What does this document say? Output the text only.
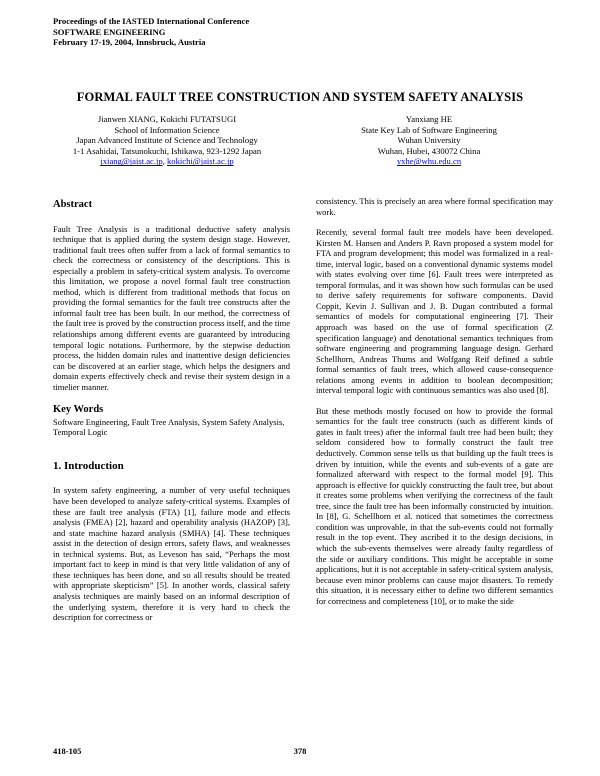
Proceedings of the IASTED International Conference
SOFTWARE ENGINEERING
February 17-19, 2004, Innsbruck, Austria
FORMAL FAULT TREE CONSTRUCTION AND SYSTEM SAFETY ANALYSIS
Jianwen XIANG, Kokichi FUTATSUGI
School of Information Science
Japan Advanced Institute of Science and Technology
1-1 Asahidai, Tatsunokuchi, Ishikawa, 923-1292 Japan
jxiang@jaist.ac.jp, kokichi@jaist.ac.jp
Yanxiang HE
State Key Lab of Software Engineering
Wuhan University
Wuhan, Hubei, 430072 China
yxhe@whu.edu.cn

Abstract

Fault Tree Analysis is a traditional deductive safety analysis technique that is applied during the system design stage. However, traditional fault trees often suffer from a lack of formal semantics to check the correctness or consistency of the descriptions. This is especially a problem in safety-critical system analysis. To overcome this limitation, we propose a novel formal fault tree construction method, which is different from traditional methods that focus on providing the formal semantics for the fault tree constructs after the informal fault tree has been built. In our method, the correctness of the fault tree is proved by the construction process itself, and the time relationships among different events are guaranteed by introducing temporal logic notations. Furthermore, by the stepwise deduction process, the hidden domain rules and inattentive design deficiencies can be discovered at an earlier stage, which helps the designers and domain experts effectively check and revise their system design in a timelier manner.

Key Words

Software Engineering, Fault Tree Analysis, System Safety Analysis, Temporal Logic

1. Introduction

In system safety engineering, a number of very useful techniques have been developed to analyze safety-critical systems. Examples of these are fault tree analysis (FTA) [1], failure mode and effects analysis (FMEA) [2], hazard and operability analysis (HAZOP) [3], and state machine hazard analysis (SMHA) [4]. These techniques assist in the detection of design errors, safety flaws, and weaknesses in technical systems. But, as Leveson has said, “Perhaps the most important fact to keep in mind is that very little validation of any of these techniques has been done, and so all results should be treated with appropriate skepticism” [5]. In another words, classical safety analysis techniques are mainly based on an informal description of the underlying system, therefore it is very hard to check the description for correctness or

consistency. This is precisely an area where formal specification may work.

Recently, several formal fault tree models have been developed. Kirsten M. Hansen and Anders P. Ravn proposed a system model for FTA and program development; this model was formalized in a real-time, interval logic, based on a conventional dynamic systems model with states evolving over time [6]. Fault trees were interpreted as temporal formulas, and it was shown how such formulas can be used to derive safety requirements for software components. David Coppit, Kevin J. Sullivan and J. B. Dugan contributed a formal semantics of models for computational engineering [7]. Their approach was based on the use of formal specification (Z specification language) and denotational semantics techniques from software engineering and programming language design. Gerhard Schellhorn, Andreas Thums and Wolfgang Reif defined a subtle formal semantics of fault trees, which allowed cause-consequence relations among events in addition to boolean decomposition; interval temporal logic with continuous semantics was also used [8].

But these methods mostly focused on how to provide the formal semantics for the fault tree constructs (such as different kinds of gates in fault trees) after the informal fault tree had been built; they seldom considered how to formally construct the fault tree deductively. Common sense tells us that building up the fault trees is driven by intuition, while the events and sub-events of a gate are formalized afterward with respect to the formal model [9]. This approach is effective for quickly constructing the fault tree, but about it creates some problems when verifying the correctness of the fault tree, since the fault tree has been informally constructed by intuition. In [8], G. Schellhorn et al. noticed that sometimes the correctness condition was unprovable, in that the sub-events could not formally result in the top event. They ascribed it to the design decisions, in which the sub-events themselves were already faulty regardless of the side or auxiliary conditions. This might be acceptable in some applications, but it is not acceptable in safety-critical system analysis, because even minor problems can cause major disasters. To remedy this situation, it is necessary either to define two different semantics for correctness and completeness [10], or to make the side

418-105	378
